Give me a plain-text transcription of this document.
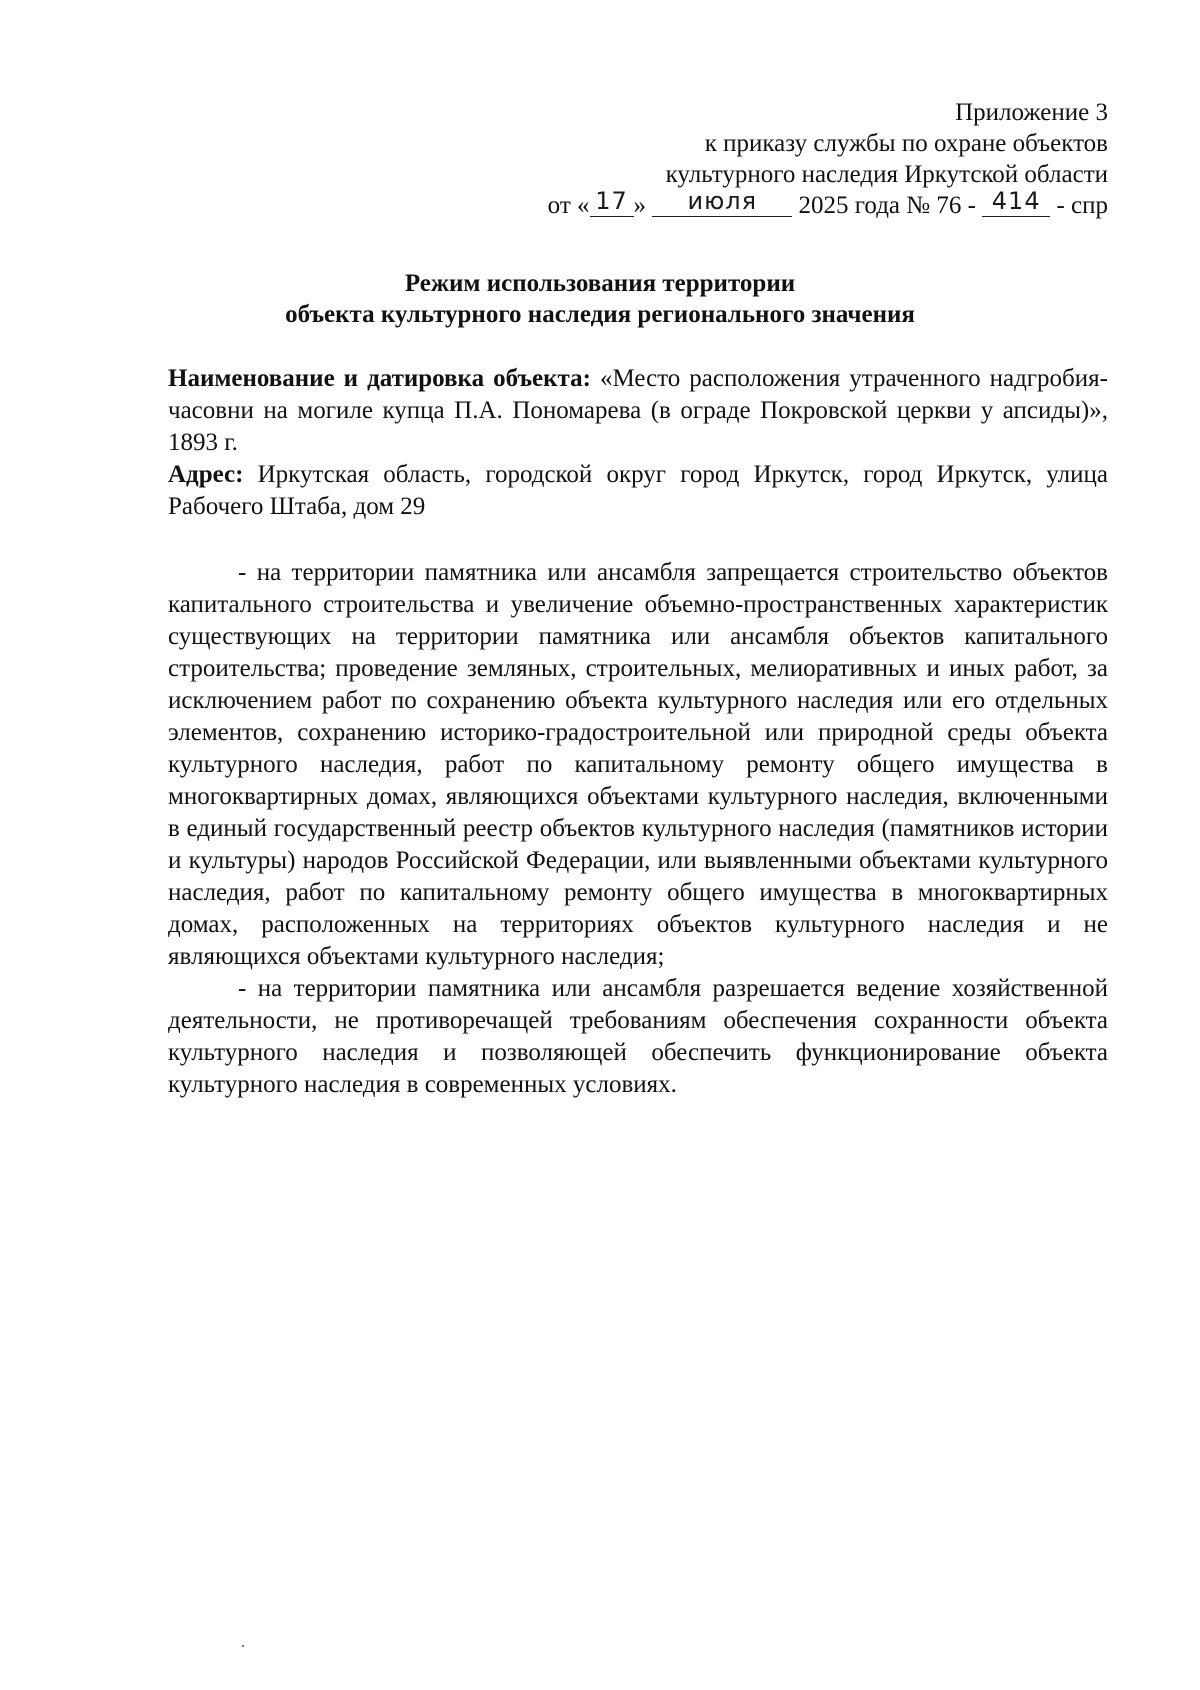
Приложение 3
к приказу службы по охране объектов
культурного наследия Иркутской области
от « 17 » июля 2025 года № 76 - 414 - спр
Режим использования территории
объекта культурного наследия регионального значения

Наименование и датировка объекта: «Место расположения утраченного надгробия-часовни на могиле купца П.А. Пономарева (в ограде Покровской церкви у апсиды)», 1893 г.

Адрес: Иркутская область, городской округ город Иркутск, город Иркутск, улица Рабочего Штаба, дом 29

- на территории памятника или ансамбля запрещается строительство объектов капитального строительства и увеличение объемно-пространственных характеристик существующих на территории памятника или ансамбля объектов капитального строительства; проведение земляных, строительных, мелиоративных и иных работ, за исключением работ по сохранению объекта культурного наследия или его отдельных элементов, сохранению историко-градостроительной или природной среды объекта культурного наследия, работ по капитальному ремонту общего имущества в многоквартирных домах, являющихся объектами культурного наследия, включенными в единый государственный реестр объектов культурного наследия (памятников истории и культуры) народов Российской Федерации, или выявленными объектами культурного наследия, работ по капитальному ремонту общего имущества в многоквартирных домах, расположенных на территориях объектов культурного наследия и не являющихся объектами культурного наследия;

- на территории памятника или ансамбля разрешается ведение хозяйственной деятельности, не противоречащей требованиям обеспечения сохранности объекта культурного наследия и позволяющей обеспечить функционирование объекта культурного наследия в современных условиях.
